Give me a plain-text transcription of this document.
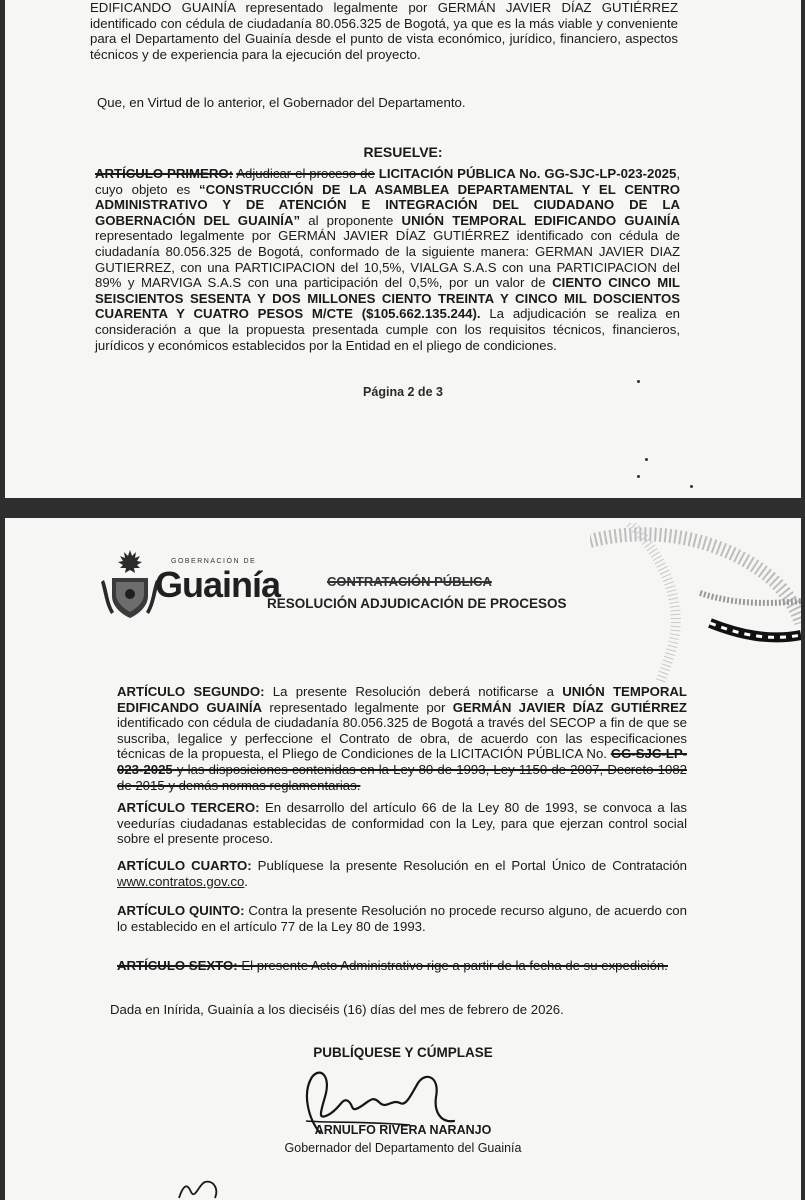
EDIFICANDO GUAINÍA representado legalmente por GERMÁN JAVIER DÍAZ GUTIÉRREZ identificado con cédula de ciudadanía 80.056.325 de Bogotá, ya que es la más viable y conveniente para el Departamento del Guainía desde el punto de vista económico, jurídico, financiero, aspectos técnicos y de experiencia para la ejecución del proyecto.
Que, en Virtud de lo anterior, el Gobernador del Departamento.
RESUELVE:
ARTÍCULO PRIMERO: Adjudicar el proceso de LICITACIÓN PÚBLICA No. GG-SJC-LP-023-2025, cuyo objeto es “CONSTRUCCIÓN DE LA ASAMBLEA DEPARTAMENTAL Y EL CENTRO ADMINISTRATIVO Y DE ATENCIÓN E INTEGRACIÓN DEL CIUDADANO DE LA GOBERNACIÓN DEL GUAINÍA” al proponente UNIÓN TEMPORAL EDIFICANDO GUAINÍA representado legalmente por GERMÁN JAVIER DÍAZ GUTIÉRREZ identificado con cédula de ciudadanía 80.056.325 de Bogotá, conformado de la siguiente manera: GERMAN JAVIER DIAZ GUTIERREZ, con una PARTICIPACION del 10,5%, VIALGA S.A.S con una PARTICIPACION del 89% y MARVIGA S.A.S con una participación del 0,5%, por un valor de CIENTO CINCO MIL SEISCIENTOS SESENTA Y DOS MILLONES CIENTO TREINTA Y CINCO MIL DOSCIENTOS CUARENTA Y CUATRO PESOS M/CTE ($105.662.135.244). La adjudicación se realiza en consideración a que la propuesta presentada cumple con los requisitos técnicos, financieros, jurídicos y económicos establecidos por la Entidad en el pliego de condiciones.
Página 2 de 3
GOBERNACIÓN DE
Guainía	CONTRATACIÓN PÚBLICA
RESOLUCIÓN ADJUDICACIÓN DE PROCESOS
ARTÍCULO SEGUNDO: La presente Resolución deberá notificarse a UNIÓN TEMPORAL EDIFICANDO GUAINÍA representado legalmente por GERMÁN JAVIER DÍAZ GUTIÉRREZ identificado con cédula de ciudadanía 80.056.325 de Bogotá a través del SECOP a fin de que se suscriba, legalice y perfeccione el Contrato de obra, de acuerdo con las especificaciones técnicas de la propuesta, el Pliego de Condiciones de la LICITACIÓN PÚBLICA No. GG-SJC-LP-023-2025 y las disposiciones contenidas en la Ley 80 de 1993, Ley 1150 de 2007, Decreto 1082 de 2015 y demás normas reglamentarias.
ARTÍCULO TERCERO: En desarrollo del artículo 66 de la Ley 80 de 1993, se convoca a las veedurías ciudadanas establecidas de conformidad con la Ley, para que ejerzan control social sobre el presente proceso.
ARTÍCULO CUARTO: Publíquese la presente Resolución en el Portal Único de Contratación www.contratos.gov.co.
ARTÍCULO QUINTO: Contra la presente Resolución no procede recurso alguno, de acuerdo con lo establecido en el artículo 77 de la Ley 80 de 1993.
ARTÍCULO SEXTO: El presente Acto Administrativo rige a partir de la fecha de su expedición.
Dada en Inírida, Guainía a los dieciséis (16) días del mes de febrero de 2026.
PUBLÍQUESE Y CÚMPLASE
ARNULFO RIVERA NARANJO
Gobernador del Departamento del Guainía
